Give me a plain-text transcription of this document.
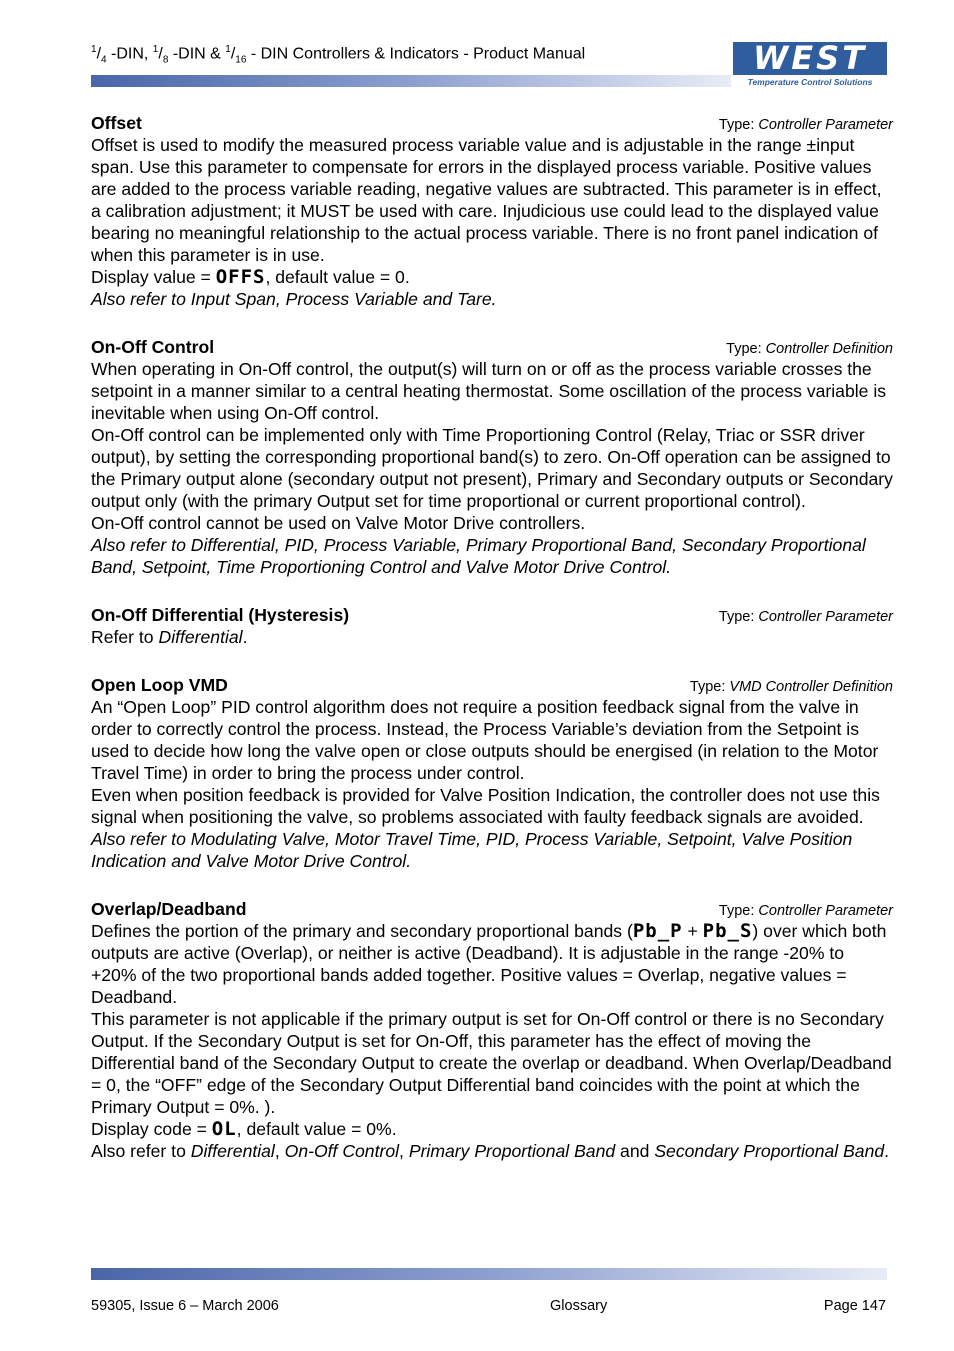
$^1/_4$ -DIN, $^1/_8$ -DIN & $^1/_{16}$ - DIN Controllers & Indicators - Product Manual	WEST
Temperature Control Solutions
Offset	Type: Controller Parameter

Offset is used to modify the measured process variable value and is adjustable in the range ±input span. Use this parameter to compensate for errors in the displayed process variable. Positive values are added to the process variable reading, negative values are subtracted. This parameter is in effect, a calibration adjustment; it MUST be used with care. Injudicious use could lead to the displayed value bearing no meaningful relationship to the actual process variable. There is no front panel indication of when this parameter is in use.

Display value = OFFS, default value = 0.

Also refer to Input Span, Process Variable and Tare.

On-Off Control	Type: Controller Definition

When operating in On-Off control, the output(s) will turn on or off as the process variable crosses the setpoint in a manner similar to a central heating thermostat. Some oscillation of the process variable is inevitable when using On-Off control.

On-Off control can be implemented only with Time Proportioning Control (Relay, Triac or SSR driver output), by setting the corresponding proportional band(s) to zero. On-Off operation can be assigned to the Primary output alone (secondary output not present), Primary and Secondary outputs or Secondary output only (with the primary Output set for time proportional or current proportional control).

On-Off control cannot be used on Valve Motor Drive controllers.

Also refer to Differential, PID, Process Variable, Primary Proportional Band, Secondary Proportional Band, Setpoint, Time Proportioning Control and Valve Motor Drive Control.

On-Off Differential (Hysteresis)	Type: Controller Parameter

Refer to Differential.

Open Loop VMD	Type: VMD Controller Definition

An “Open Loop” PID control algorithm does not require a position feedback signal from the valve in order to correctly control the process. Instead, the Process Variable’s deviation from the Setpoint is used to decide how long the valve open or close outputs should be energised (in relation to the Motor Travel Time) in order to bring the process under control.

Even when position feedback is provided for Valve Position Indication, the controller does not use this signal when positioning the valve, so problems associated with faulty feedback signals are avoided.

Also refer to Modulating Valve, Motor Travel Time, PID, Process Variable, Setpoint, Valve Position Indication and Valve Motor Drive Control.

Overlap/Deadband	Type: Controller Parameter

Defines the portion of the primary and secondary proportional bands (Pb_P + Pb_S) over which both outputs are active (Overlap), or neither is active (Deadband). It is adjustable in the range -20% to +20% of the two proportional bands added together. Positive values = Overlap, negative values = Deadband.

This parameter is not applicable if the primary output is set for On-Off control or there is no Secondary Output. If the Secondary Output is set for On-Off, this parameter has the effect of moving the Differential band of the Secondary Output to create the overlap or deadband. When Overlap/Deadband = 0, the “OFF” edge of the Secondary Output Differential band coincides with the point at which the Primary Output = 0%. ).

Display code = OL, default value = 0%.

Also refer to Differential, On-Off Control, Primary Proportional Band and Secondary Proportional Band.

59305, Issue 6 – March 2006	Glossary	Page 147
